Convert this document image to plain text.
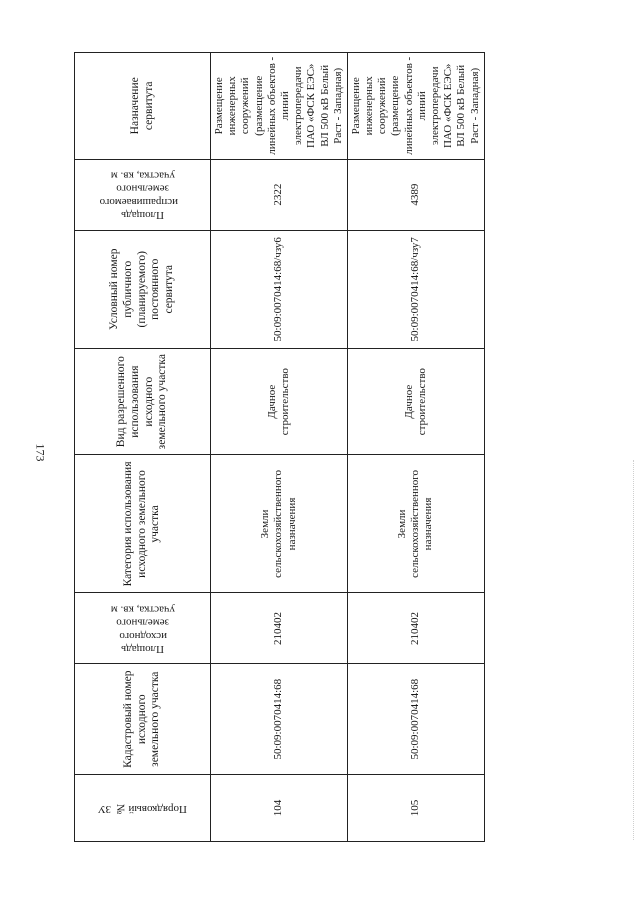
173
Порядковый № ЗУ	Кадастровый номер исходного земельного участка	Площадь исходного земельного участка, кв. м	Категория использования исходного земельного участка	Вид разрешенного использования исходного земельного участка	Условный номер публичного (планируемого) постоянного сервитута	Площадь испрашиваемого земельного участка, кв. м	Назначение сервитута
104	50:09:0070414:68	210402	Земли сельскохозяйственного назначения	Дачное строительство	50:09:0070414:68/чзу6	2322	Размещение инженерных сооружений (размещение линейных объектов - линий электропередачи ПАО «ФСК ЕЭС» ВЛ 500 кВ Белый Раст - Западная)
105	50:09:0070414:68	210402	Земли сельскохозяйственного назначения	Дачное строительство	50:09:0070414:68/чзу7	4389	Размещение инженерных сооружений (размещение линейных объектов - линий электропередачи ПАО «ФСК ЕЭС» ВЛ 500 кВ Белый Раст - Западная)
